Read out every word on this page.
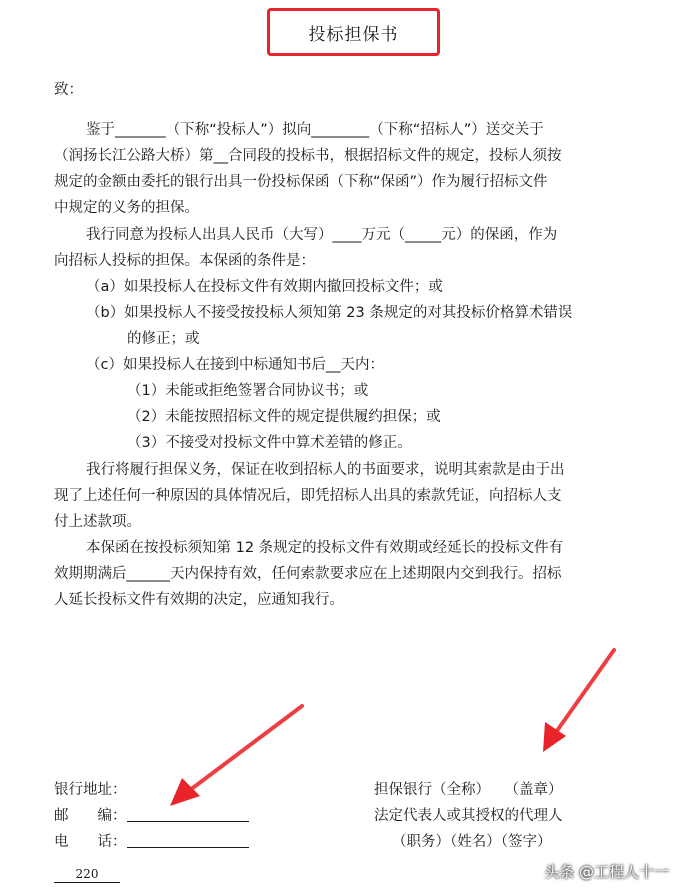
投标担保书
致：
鉴于_______（下称“投标人”）拟向________（下称“招标人”）送交关于
（润扬长江公路大桥）第__合同段的投标书，根据招标文件的规定，投标人须按
规定的金额由委托的银行出具一份投标保函（下称“保函”）作为履行招标文件
中规定的义务的担保。
我行同意为投标人出具人民币（大写）____万元（_____元）的保函，作为
向招标人投标的担保。本保函的条件是：
（a）如果投标人在投标文件有效期内撤回投标文件；或
（b）如果投标人不接受按投标人须知第 23 条规定的对其投标价格算术错误
的修正；或
（c）如果投标人在接到中标通知书后__天内：
（1）未能或拒绝签署合同协议书；或
（2）未能按照招标文件的规定提供履约担保；或
（3）不接受对投标文件中算术差错的修正。
我行将履行担保义务，保证在收到招标人的书面要求，说明其索款是由于出
现了上述任何一种原因的具体情况后，即凭招标人出具的索款凭证，向招标人支
付上述款项。
本保函在按投标须知第 12 条规定的投标文件有效期或经延长的投标文件有
效期期满后______天内保持有效，任何索款要求应在上述期限内交到我行。招标
人延长投标文件有效期的决定，应通知我行。
银行地址：
邮　　编：
电　　话：
担保银行（全称）　　（盖章）
法定代表人或其授权的代理人
（职务）（姓名）（签字）
220	头条 @工程人十一
